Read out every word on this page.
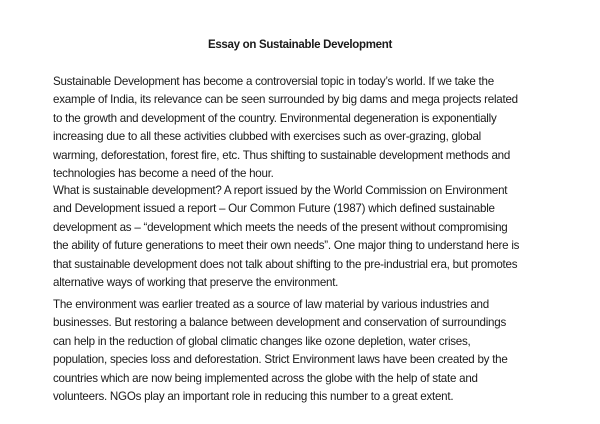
Essay on Sustainable Development
Sustainable Development has become a controversial topic in today’s world. If we take the
example of India, its relevance can be seen surrounded by big dams and mega projects related
to the growth and development of the country. Environmental degeneration is exponentially
increasing due to all these activities clubbed with exercises such as over-grazing, global
warming, deforestation, forest fire, etc. Thus shifting to sustainable development methods and
technologies has become a need of the hour.
What is sustainable development? A report issued by the World Commission on Environment
and Development issued a report – Our Common Future (1987) which defined sustainable
development as – “development which meets the needs of the present without compromising
the ability of future generations to meet their own needs”. One major thing to understand here is
that sustainable development does not talk about shifting to the pre-industrial era, but promotes
alternative ways of working that preserve the environment.
The environment was earlier treated as a source of law material by various industries and
businesses. But restoring a balance between development and conservation of surroundings
can help in the reduction of global climatic changes like ozone depletion, water crises,
population, species loss and deforestation. Strict Environment laws have been created by the
countries which are now being implemented across the globe with the help of state and
volunteers. NGOs play an important role in reducing this number to a great extent.
